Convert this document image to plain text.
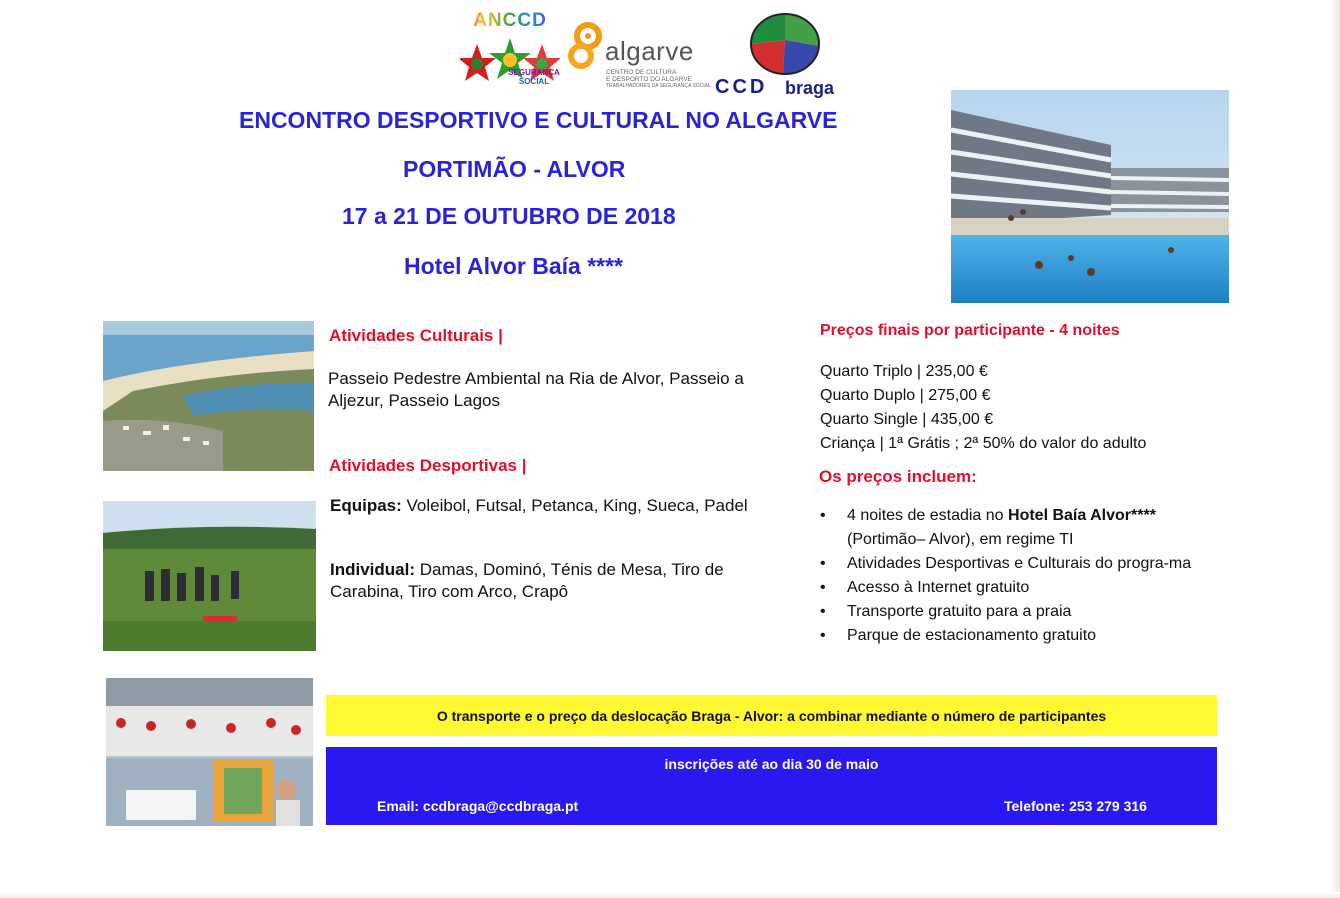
ANCCD
SEGURANÇA
SOCIAL
algarve
CENTRO DE CULTURA
E DESPORTO DO ALGARVE
TRABALHADORES DA SEGURANÇA SOCIAL CCD braga
ENCONTRO DESPORTIVO E CULTURAL NO ALGARVE
PORTIMÃO - ALVOR
17 a 21 DE OUTUBRO DE 2018
Hotel Alvor Baía ****
Atividades Culturais |
Passeio Pedestre Ambiental na Ria de Alvor, Passeio a Aljezur, Passeio Lagos
Atividades Desportivas |
Equipas: Voleibol, Futsal, Petanca, King, Sueca, Padel
Individual: Damas, Dominó, Ténis de Mesa, Tiro de Carabina, Tiro com Arco, Crapô
Preços finais por participante - 4 noites
Quarto Triplo | 235,00 €
Quarto Duplo | 275,00 €
Quarto Single | 435,00 €
Criança | 1ª Grátis ; 2ª 50% do valor do adulto
Os preços incluem:
• 4 noites de estadia no Hotel Baía Alvor**** (Portimão– Alvor), em regime TI
• Atividades Desportivas e Culturais do progra-ma
• Acesso à Internet gratuito
• Transporte gratuito para a praia
• Parque de estacionamento gratuito
O transporte e o preço da deslocação Braga - Alvor: a combinar mediante o número de participantes
inscrições até ao dia 30 de maio
Email: ccdbraga@ccdbraga.pt	Telefone: 253 279 316
